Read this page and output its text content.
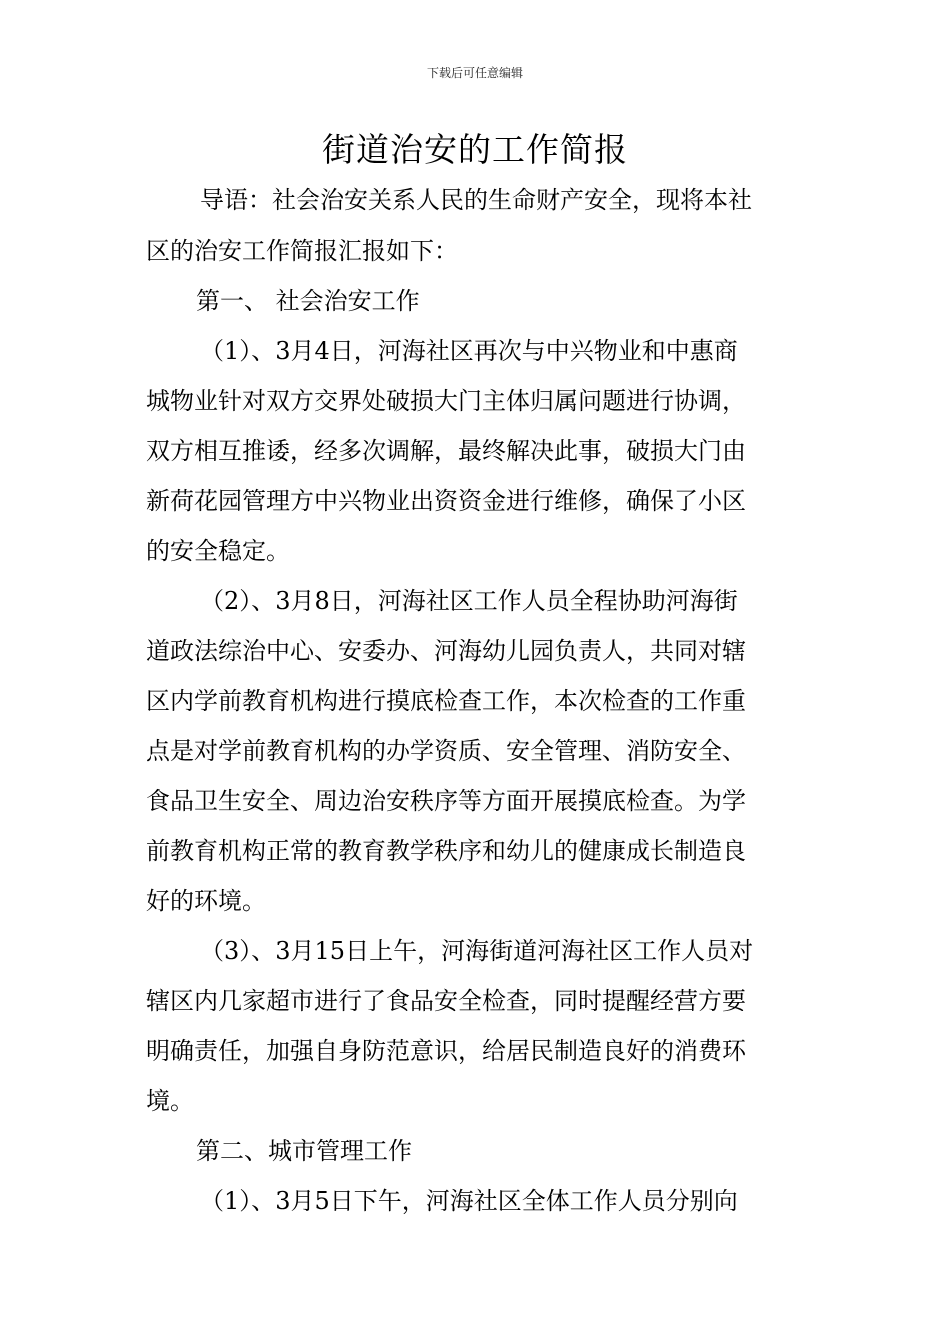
下载后可任意编辑
街道治安的工作简报
导语：社会治安关系人民的生命财产安全，现将本社
区的治安工作简报汇报如下：
第一、 社会治安工作
（1）、3月4日，河海社区再次与中兴物业和中惠商
城物业针对双方交界处破损大门主体归属问题进行协调，
双方相互推诿，经多次调解，最终解决此事，破损大门由
新荷花园管理方中兴物业出资资金进行维修，确保了小区
的安全稳定。
（2）、3月8日，河海社区工作人员全程协助河海街
道政法综治中心、安委办、河海幼儿园负责人，共同对辖
区内学前教育机构进行摸底检查工作，本次检查的工作重
点是对学前教育机构的办学资质、安全管理、消防安全、
食品卫生安全、周边治安秩序等方面开展摸底检查。为学
前教育机构正常的教育教学秩序和幼儿的健康成长制造良
好的环境。
（3）、3月15日上午，河海街道河海社区工作人员对
辖区内几家超市进行了食品安全检查，同时提醒经营方要
明确责任，加强自身防范意识，给居民制造良好的消费环
境。
第二、城市管理工作
（1）、3月5日下午，河海社区全体工作人员分别向
